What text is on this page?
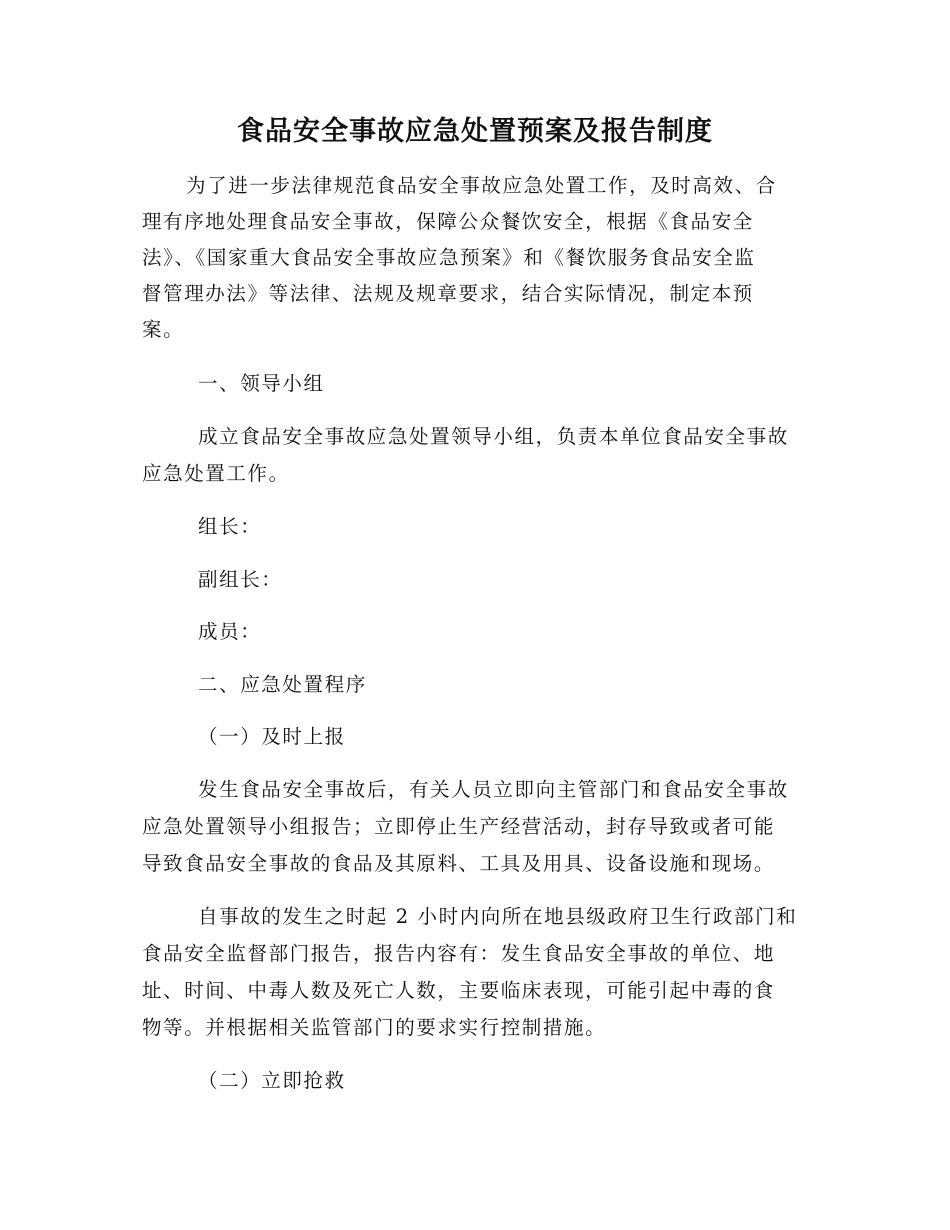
食品安全事故应急处置预案及报告制度
为了进一步法律规范食品安全事故应急处置工作，及时高效、合
理有序地处理食品安全事故，保障公众餐饮安全，根据《食品安全
法》、《国家重大食品安全事故应急预案》和《餐饮服务食品安全监
督管理办法》等法律、法规及规章要求，结合实际情况，制定本预
案。
一、领导小组
成立食品安全事故应急处置领导小组，负责本单位食品安全事故
应急处置工作。
组长：
副组长：
成员：
二、应急处置程序
（一）及时上报
发生食品安全事故后，有关人员立即向主管部门和食品安全事故
应急处置领导小组报告；立即停止生产经营活动，封存导致或者可能
导致食品安全事故的食品及其原料、工具及用具、设备设施和现场。
自事故的发生之时起 2 小时内向所在地县级政府卫生行政部门和
食品安全监督部门报告，报告内容有：发生食品安全事故的单位、地
址、时间、中毒人数及死亡人数，主要临床表现，可能引起中毒的食
物等。并根据相关监管部门的要求实行控制措施。
（二）立即抢救
